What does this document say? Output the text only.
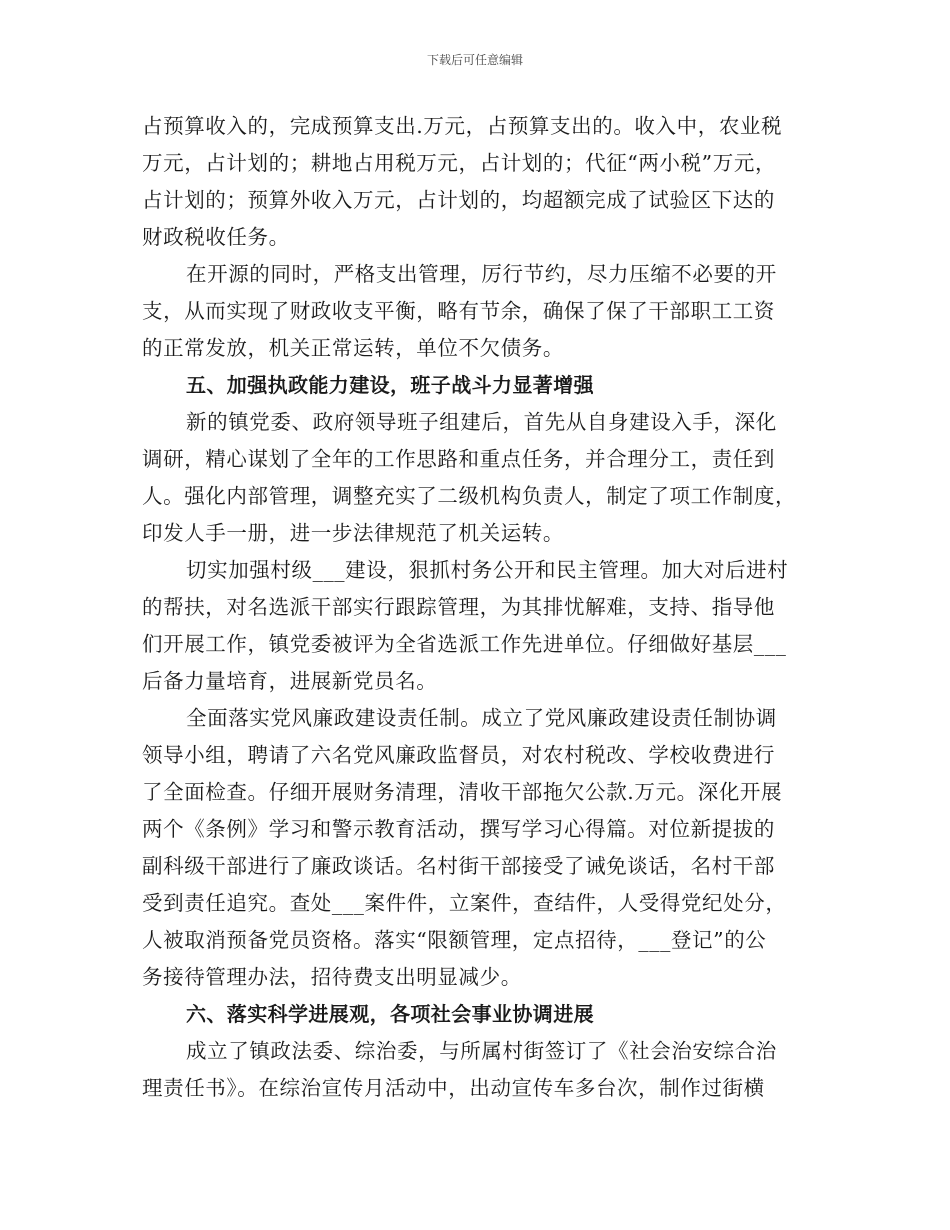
下载后可任意编辑
占预算收入的，完成预算支出.万元，占预算支出的。收入中，农业税
万元，占计划的；耕地占用税万元，占计划的；代征“两小税”万元，
占计划的；预算外收入万元，占计划的，均超额完成了试验区下达的
财政税收任务。
在开源的同时，严格支出管理，厉行节约，尽力压缩不必要的开
支，从而实现了财政收支平衡，略有节余，确保了保了干部职工工资
的正常发放，机关正常运转，单位不欠债务。
五、加强执政能力建设，班子战斗力显著增强
新的镇党委、政府领导班子组建后，首先从自身建设入手，深化
调研，精心谋划了全年的工作思路和重点任务，并合理分工，责任到
人。强化内部管理，调整充实了二级机构负责人，制定了项工作制度，
印发人手一册，进一步法律规范了机关运转。
切实加强村级___建设，狠抓村务公开和民主管理。加大对后进村
的帮扶，对名选派干部实行跟踪管理，为其排忧解难，支持、指导他
们开展工作，镇党委被评为全省选派工作先进单位。仔细做好基层___
后备力量培育，进展新党员名。
全面落实党风廉政建设责任制。成立了党风廉政建设责任制协调
领导小组，聘请了六名党风廉政监督员，对农村税改、学校收费进行
了全面检查。仔细开展财务清理，清收干部拖欠公款.万元。深化开展
两个《条例》学习和警示教育活动，撰写学习心得篇。对位新提拔的
副科级干部进行了廉政谈话。名村街干部接受了诫免谈话，名村干部
受到责任追究。查处___案件件，立案件，查结件，人受得党纪处分，
人被取消预备党员资格。落实“限额管理，定点招待，___登记”的公
务接待管理办法，招待费支出明显减少。
六、落实科学进展观，各项社会事业协调进展
成立了镇政法委、综治委，与所属村街签订了《社会治安综合治
理责任书》。在综治宣传月活动中，出动宣传车多台次，制作过街横
